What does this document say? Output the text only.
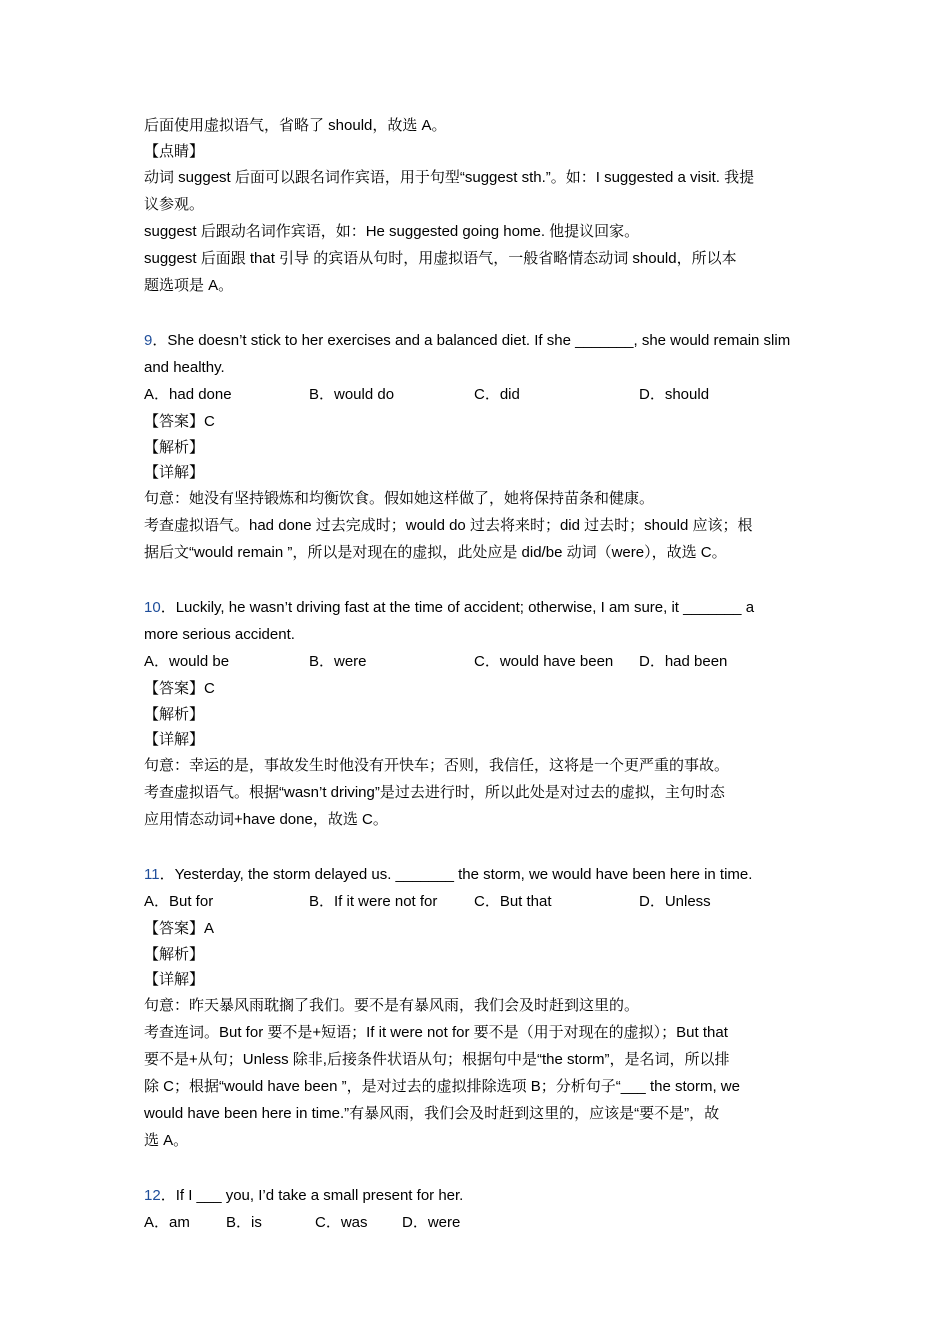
后面使用虚拟语气，省略了 should，故选 A。

【点睛】

动词 suggest 后面可以跟名词作宾语，用于句型“suggest sth.”。如：I suggested a visit. 我提

议参观。

suggest 后跟动名词作宾语，如：He suggested going home. 他提议回家。

suggest 后面跟 that 引导 的宾语从句时，用虚拟语气，一般省略情态动词 should，所以本

题选项是 A。

9．She doesn’t stick to her exercises and a balanced diet. If she _______, she would remain slim

and healthy.

A．had done	B．would do	C．did	D．should

【答案】C

【解析】

【详解】

句意：她没有坚持锻炼和均衡饮食。假如她这样做了，她将保持苗条和健康。

考查虚拟语气。had done 过去完成时；would do 过去将来时；did 过去时；should 应该；根

据后文“would remain ”，所以是对现在的虚拟，此处应是 did/be 动词（were），故选 C。

10．Luckily, he wasn’t driving fast at the time of accident; otherwise, I am sure, it _______ a

more serious accident.

A．would be	B．were	C．would have been	D．had been

【答案】C

【解析】

【详解】

句意：幸运的是，事故发生时他没有开快车；否则，我信任，这将是一个更严重的事故。

考查虚拟语气。根据“wasn’t driving”是过去进行时，所以此处是对过去的虚拟，主句时态

应用情态动词+have done，故选 C。

11．Yesterday, the storm delayed us. _______ the storm, we would have been here in time.

A．But for	B．If it were not for	C．But that	D．Unless

【答案】A

【解析】

【详解】

句意：昨天暴风雨耽搁了我们。要不是有暴风雨，我们会及时赶到这里的。

考查连词。But for 要不是+短语；If it were not for 要不是（用于对现在的虚拟）；But that

要不是+从句；Unless 除非,后接条件状语从句；根据句中是“the storm”，是名词，所以排

除 C；根据“would have been ”，是对过去的虚拟排除选项 B；分析句子“___ the storm, we

would have been here in time.”有暴风雨，我们会及时赶到这里的，应该是“要不是”，故

选 A。

12．If I ___ you, I’d take a small present for her.

A．am	B．is	C．was	D．were
